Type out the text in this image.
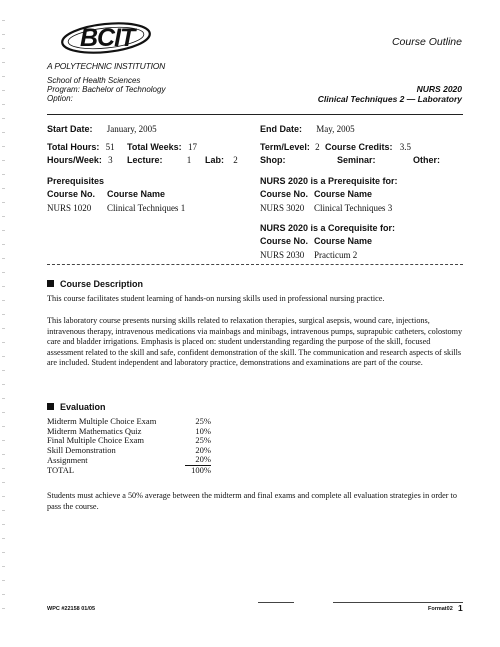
BCIT
A POLYTECHNIC INSTITUTION
School of Health Sciences
Program: Bachelor of Technology
Option:
Course Outline
NURS 2020
Clinical Techniques 2 — Laboratory
Start Date: January, 2005	End Date: May, 2005
Total Hours: 51 Total Weeks: 17	Term/Level: 2 Course Credits: 3.5
Hours/Week: 3 Lecture:	1 Lab: 2 Shop:	Seminar:	Other:
Prerequisites
Course No. Course Name
NURS 1020 Clinical Techniques 1
NURS 2020 is a Prerequisite for:
Course No. Course Name
NURS 3020 Clinical Techniques 3
NURS 2020 is a Corequisite for:
Course No. Course Name
NURS 2030 Practicum 2
Course Description
This course facilitates student learning of hands-on nursing skills used in professional nursing practice.
This laboratory course presents nursing skills related to relaxation therapies, surgical asepsis, wound care, injections, intravenous therapy, intravenous medications via mainbags and minibags, intravenous pumps, suprapubic catheters, colostomy care and bladder irrigations. Emphasis is placed on: student understanding regarding the purpose of the skill, focused assessment related to the skill and safe, confident demonstration of the skill. The communication and research aspects of skills are included. Student independent and laboratory practice, demonstrations and examinations are part of the course.
Evaluation
Midterm Multiple Choice Exam	25%
Midterm Mathematics Quiz	10%
Final Multiple Choice Exam	25%
Skill Demonstration	20%
Assignment	20%
TOTAL	100%
Students must achieve a 50% average between the midterm and final exams and complete all evaluation strategies in order to pass the course.
WPC #22158 01/05	Format02 1
